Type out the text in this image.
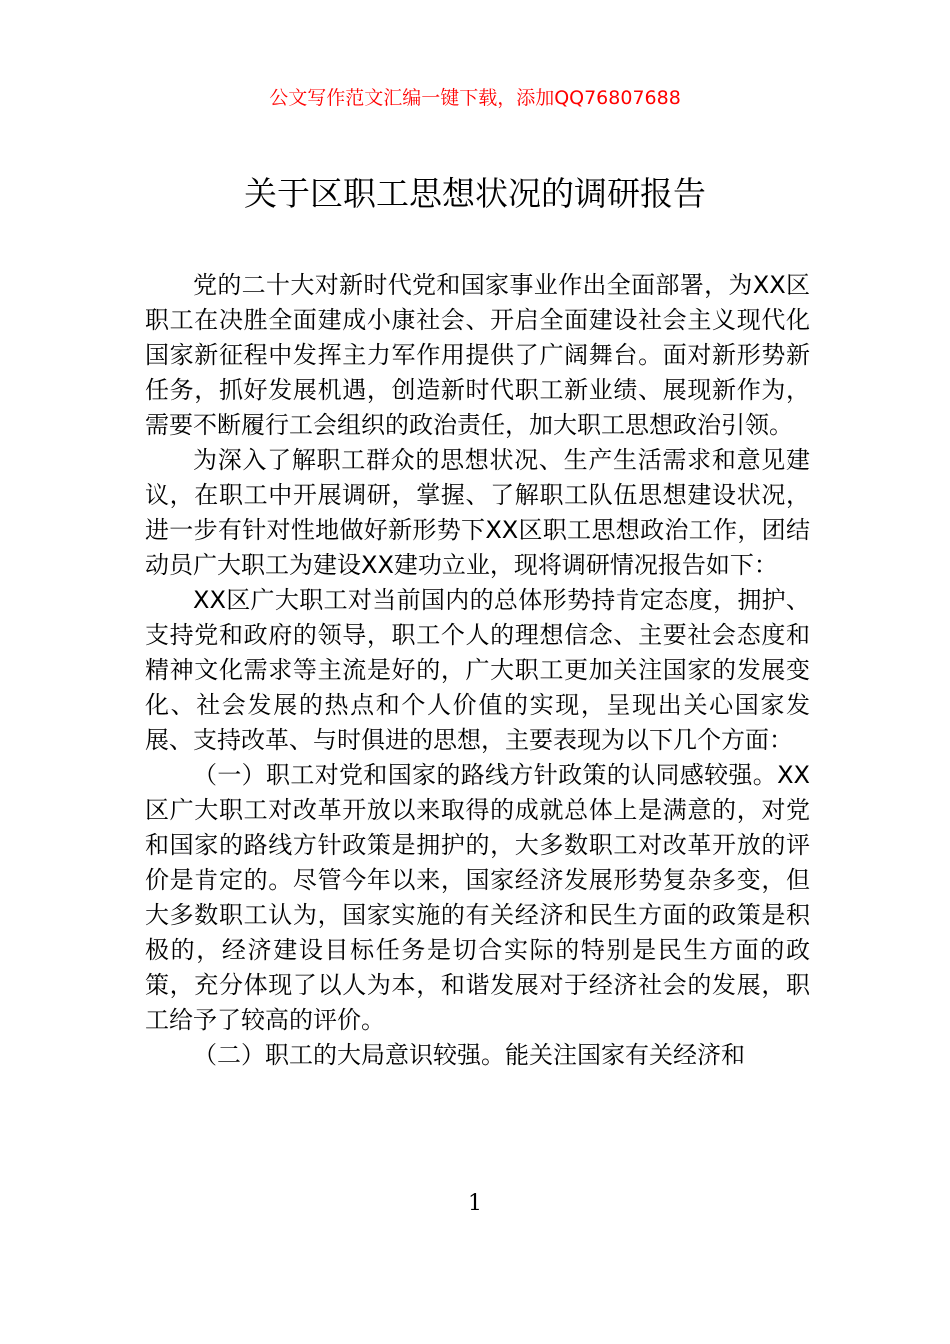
公文写作范文汇编一键下载，添加QQ76807688
关于区职工思想状况的调研报告

党的二十大对新时代党和国家事业作出全面部署，为XX区职工在决胜全面建成小康社会、开启全面建设社会主义现代化国家新征程中发挥主力军作用提供了广阔舞台。面对新形势新任务，抓好发展机遇，创造新时代职工新业绩、展现新作为，需要不断履行工会组织的政治责任，加大职工思想政治引领。

为深入了解职工群众的思想状况、生产生活需求和意见建议，在职工中开展调研，掌握、了解职工队伍思想建设状况，进一步有针对性地做好新形势下XX区职工思想政治工作，团结动员广大职工为建设XX建功立业，现将调研情况报告如下：

XX区广大职工对当前国内的总体形势持肯定态度，拥护、支持党和政府的领导，职工个人的理想信念、主要社会态度和精神文化需求等主流是好的，广大职工更加关注国家的发展变化、社会发展的热点和个人价值的实现，呈现出关心国家发展、支持改革、与时俱进的思想，主要表现为以下几个方面：

（一）职工对党和国家的路线方针政策的认同感较强。XX区广大职工对改革开放以来取得的成就总体上是满意的，对党和国家的路线方针政策是拥护的，大多数职工对改革开放的评价是肯定的。尽管今年以来，国家经济发展形势复杂多变，但大多数职工认为，国家实施的有关经济和民生方面的政策是积极的，经济建设目标任务是切合实际的特别是民生方面的政策，充分体现了以人为本，和谐发展对于经济社会的发展，职工给予了较高的评价。

（二）职工的大局意识较强。能关注国家有关经济和

1
